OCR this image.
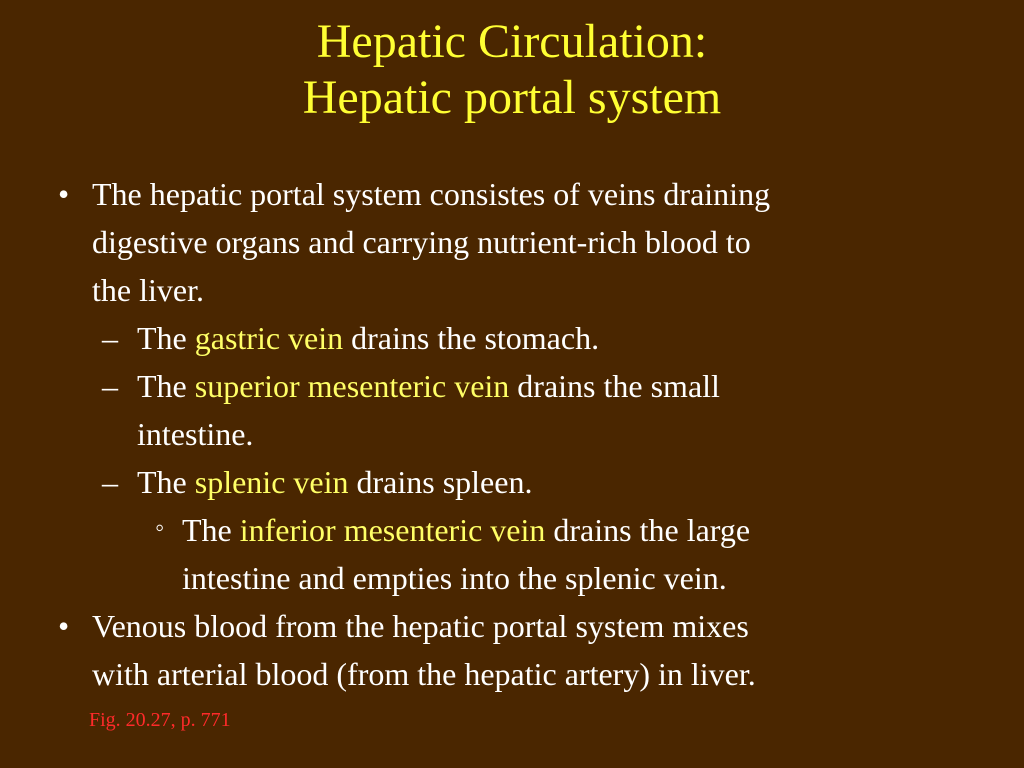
Hepatic Circulation:
Hepatic portal system
• The hepatic portal system consistes of veins draining
digestive organs and carrying nutrient-rich blood to
the liver.
– The gastric vein drains the stomach.
– The superior mesenteric vein drains the small
intestine.
– The splenic vein drains spleen.
◦ The inferior mesenteric vein drains the large
intestine and empties into the splenic vein.
• Venous blood from the hepatic portal system mixes
with arterial blood (from the hepatic artery) in liver.
Fig. 20.27, p. 771
